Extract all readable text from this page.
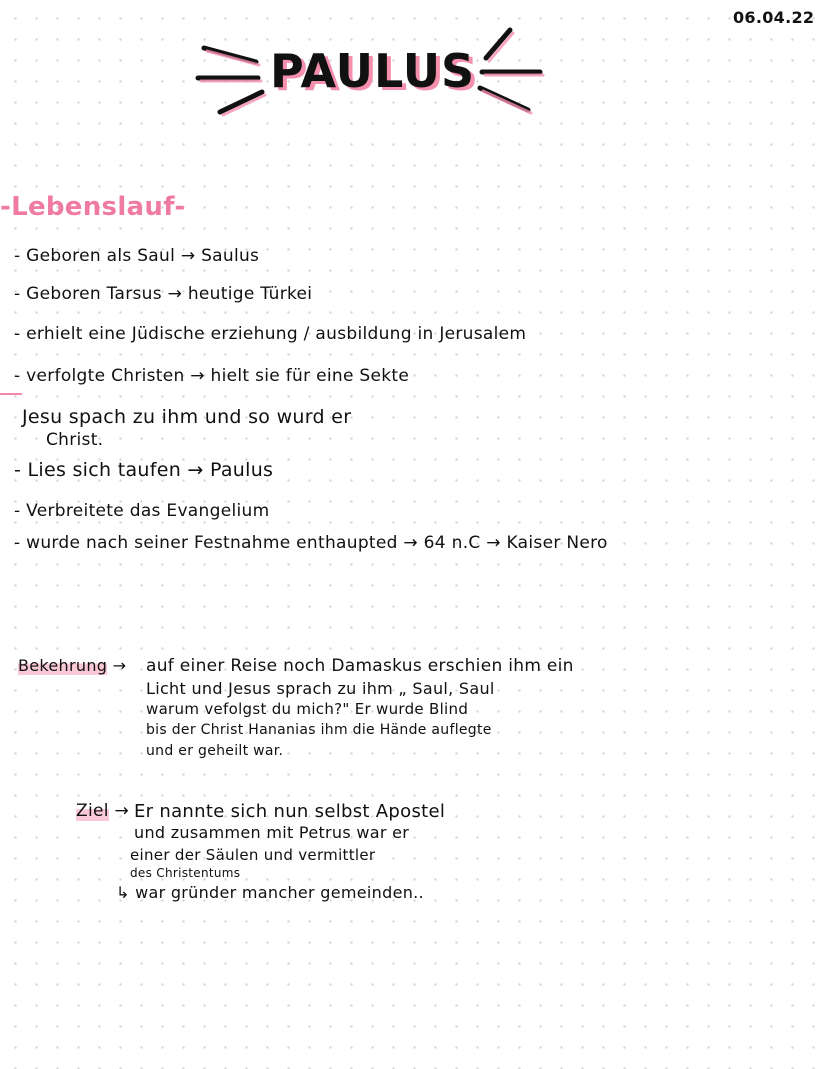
06.04.22
PAULUS
-Lebenslauf-
- Geboren als Saul → Saulus
- Geboren Tarsus → heutige Türkei
- erhielt eine Jüdische erziehung / ausbildung in Jerusalem
- verfolgte Christen → hielt sie für eine Sekte
Jesu spach zu ihm und so wurd er
Christ.
- Lies sich taufen → Paulus
- Verbreitete das Evangelium
- wurde nach seiner Festnahme enthaupted → 64 n.C → Kaiser Nero
Bekehrung → auf einer Reise noch Damaskus erschien ihm ein
Licht und Jesus sprach zu ihm „ Saul, Saul
warum vefolgst du mich?" Er wurde Blind
bis der Christ Hananias ihm die Hände auflegte
und er geheilt war.
Ziel → Er nannte sich nun selbst Apostel
und zusammen mit Petrus war er
einer der Säulen und vermittler
des Christentums
↳ war gründer mancher gemeinden..
